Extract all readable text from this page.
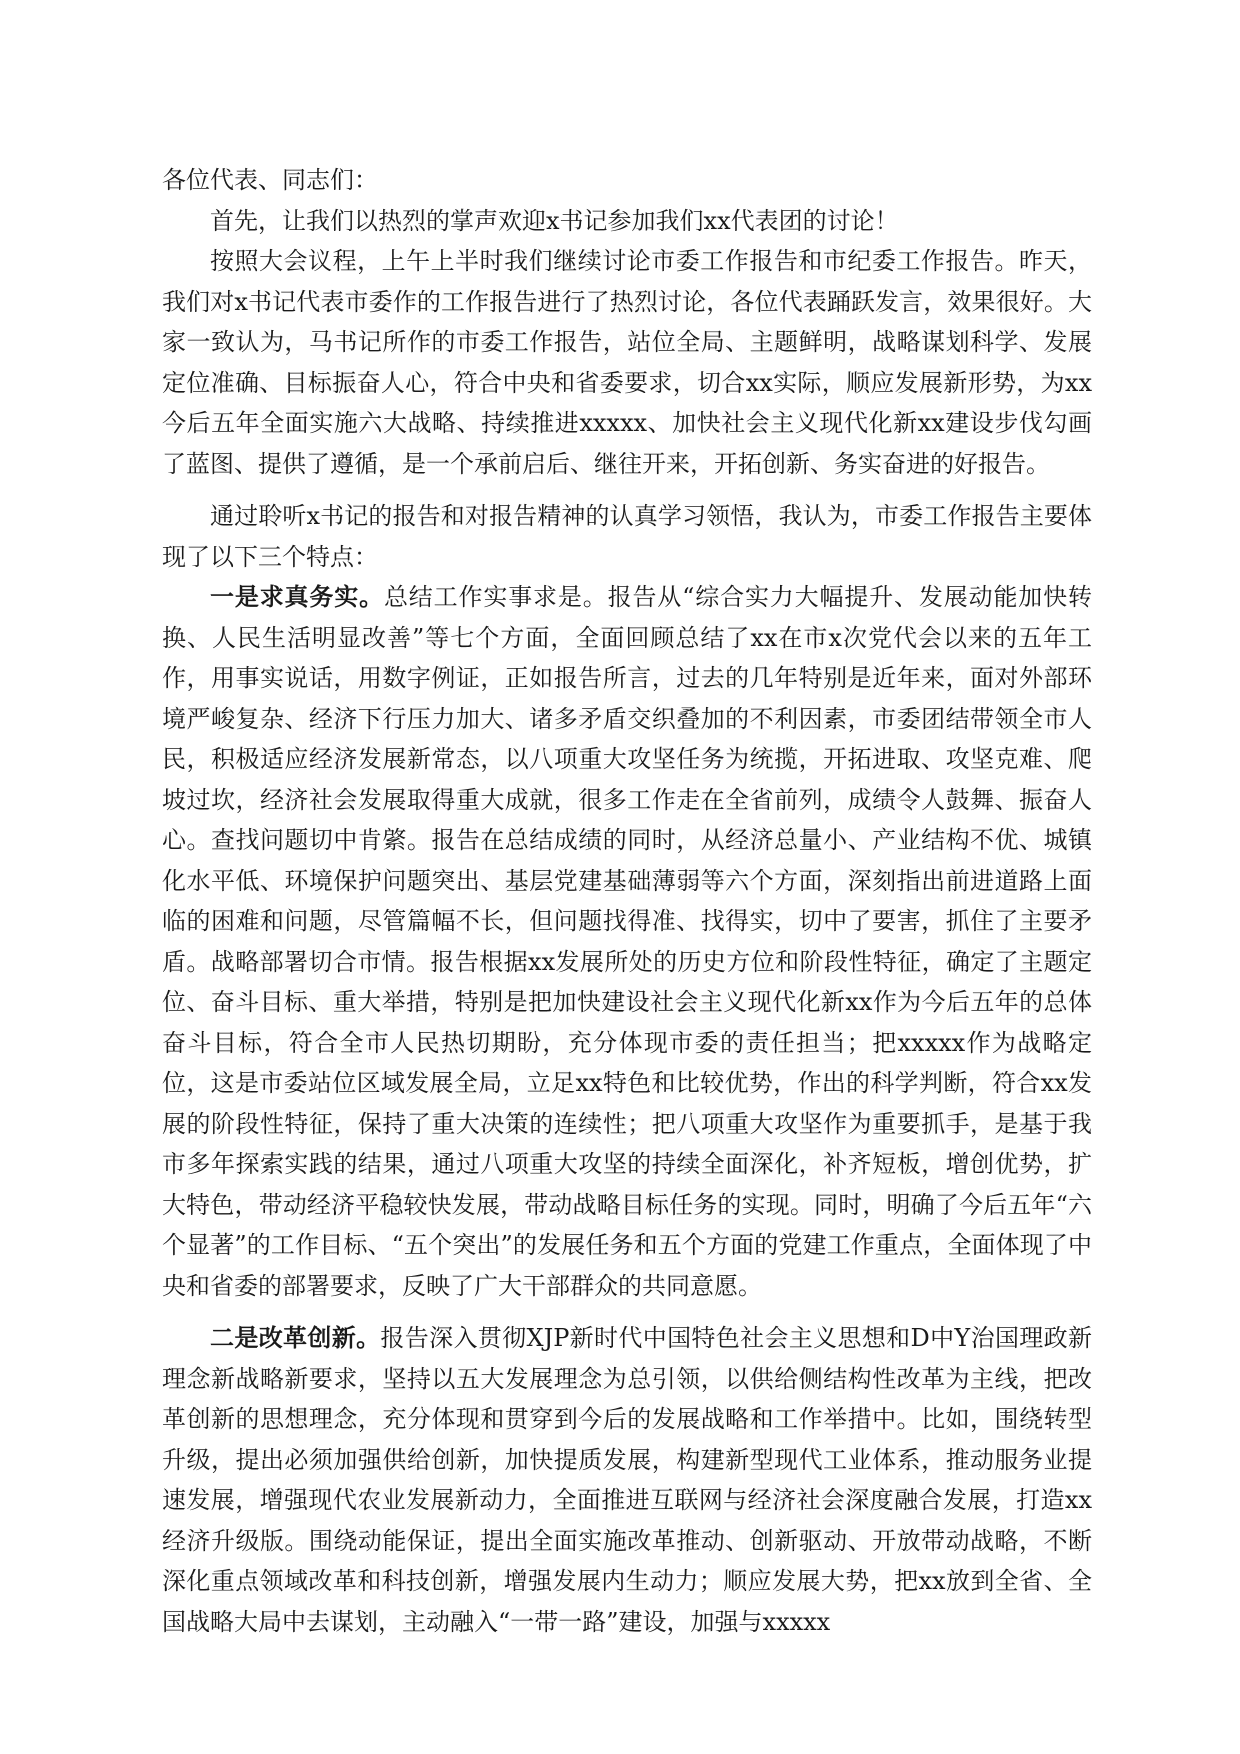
各位代表、同志们：

首先，让我们以热烈的掌声欢迎x书记参加我们xx代表团的讨论！

按照大会议程，上午上半时我们继续讨论市委工作报告和市纪委工作报告。昨天，我们对x书记代表市委作的工作报告进行了热烈讨论，各位代表踊跃发言，效果很好。大家一致认为，马书记所作的市委工作报告，站位全局、主题鲜明，战略谋划科学、发展定位准确、目标振奋人心，符合中央和省委要求，切合xx实际，顺应发展新形势，为xx今后五年全面实施六大战略、持续推进xxxxx、加快社会主义现代化新xx建设步伐勾画了蓝图、提供了遵循，是一个承前启后、继往开来，开拓创新、务实奋进的好报告。

通过聆听x书记的报告和对报告精神的认真学习领悟，我认为，市委工作报告主要体现了以下三个特点：

一是求真务实。总结工作实事求是。报告从“综合实力大幅提升、发展动能加快转换、人民生活明显改善”等七个方面，全面回顾总结了xx在市x次党代会以来的五年工作，用事实说话，用数字例证，正如报告所言，过去的几年特别是近年来，面对外部环境严峻复杂、经济下行压力加大、诸多矛盾交织叠加的不利因素，市委团结带领全市人民，积极适应经济发展新常态，以八项重大攻坚任务为统揽，开拓进取、攻坚克难、爬坡过坎，经济社会发展取得重大成就，很多工作走在全省前列，成绩令人鼓舞、振奋人心。查找问题切中肯綮。报告在总结成绩的同时，从经济总量小、产业结构不优、城镇化水平低、环境保护问题突出、基层党建基础薄弱等六个方面，深刻指出前进道路上面临的困难和问题，尽管篇幅不长，但问题找得准、找得实，切中了要害，抓住了主要矛盾。战略部署切合市情。报告根据xx发展所处的历史方位和阶段性特征，确定了主题定位、奋斗目标、重大举措，特别是把加快建设社会主义现代化新xx作为今后五年的总体奋斗目标，符合全市人民热切期盼，充分体现市委的责任担当；把xxxxx作为战略定位，这是市委站位区域发展全局，立足xx特色和比较优势，作出的科学判断，符合xx发展的阶段性特征，保持了重大决策的连续性；把八项重大攻坚作为重要抓手，是基于我市多年探索实践的结果，通过八项重大攻坚的持续全面深化，补齐短板，增创优势，扩大特色，带动经济平稳较快发展，带动战略目标任务的实现。同时，明确了今后五年“六个显著”的工作目标、“五个突出”的发展任务和五个方面的党建工作重点，全面体现了中央和省委的部署要求，反映了广大干部群众的共同意愿。

二是改革创新。报告深入贯彻XJP新时代中国特色社会主义思想和D中Y治国理政新理念新战略新要求，坚持以五大发展理念为总引领，以供给侧结构性改革为主线，把改革创新的思想理念，充分体现和贯穿到今后的发展战略和工作举措中。比如，围绕转型升级，提出必须加强供给创新，加快提质发展，构建新型现代工业体系，推动服务业提速发展，增强现代农业发展新动力，全面推进互联网与经济社会深度融合发展，打造xx经济升级版。围绕动能保证，提出全面实施改革推动、创新驱动、开放带动战略，不断深化重点领域改革和科技创新，增强发展内生动力；顺应发展大势，把xx放到全省、全国战略大局中去谋划，主动融入“一带一路”建设，加强与xxxxx
